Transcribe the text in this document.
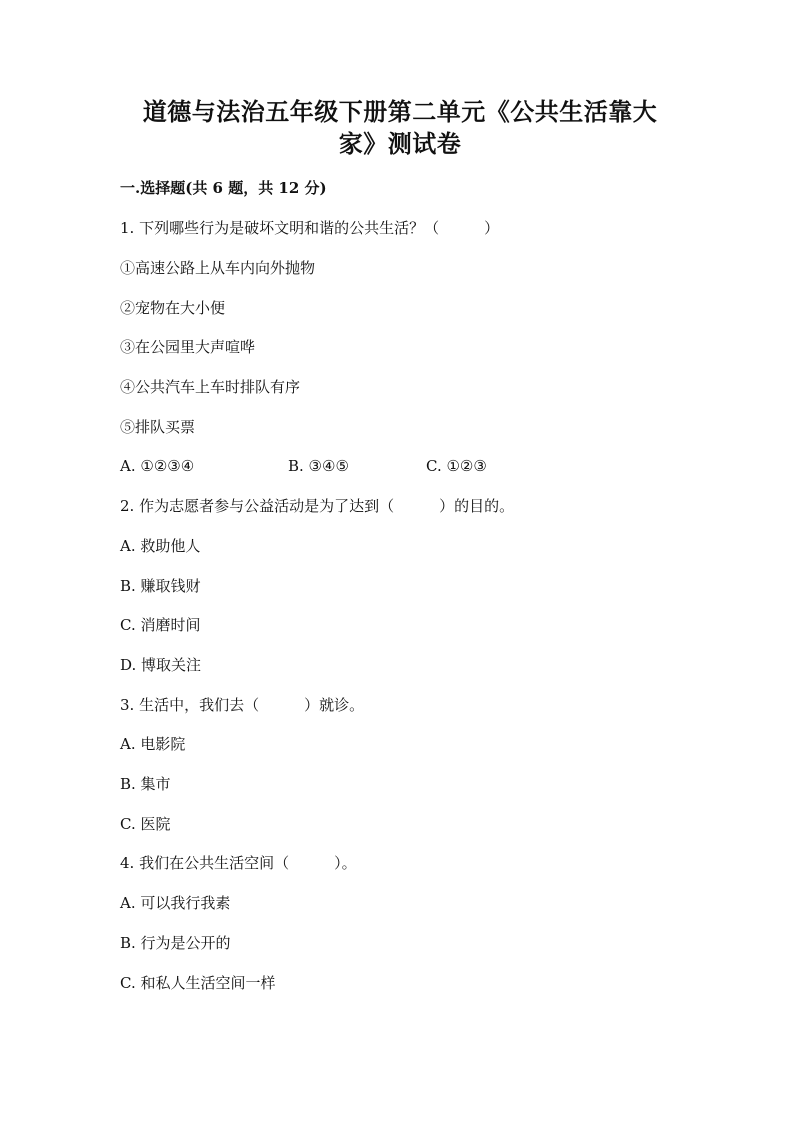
道德与法治五年级下册第二单元《公共生活靠大
家》测试卷
一.选择题(共 6 题，共 12 分)
1. 下列哪些行为是破坏文明和谐的公共生活？（　　　）
①高速公路上从车内向外抛物
②宠物在大小便
③在公园里大声喧哗
④公共汽车上车时排队有序
⑤排队买票
A. ①②③④	B. ③④⑤	C. ①②③
2. 作为志愿者参与公益活动是为了达到（　　　）的目的。
A. 救助他人
B. 赚取钱财
C. 消磨时间
D. 博取关注
3. 生活中，我们去（　　　）就诊。
A. 电影院
B. 集市
C. 医院
4. 我们在公共生活空间（　　　）。
A. 可以我行我素
B. 行为是公开的
C. 和私人生活空间一样
